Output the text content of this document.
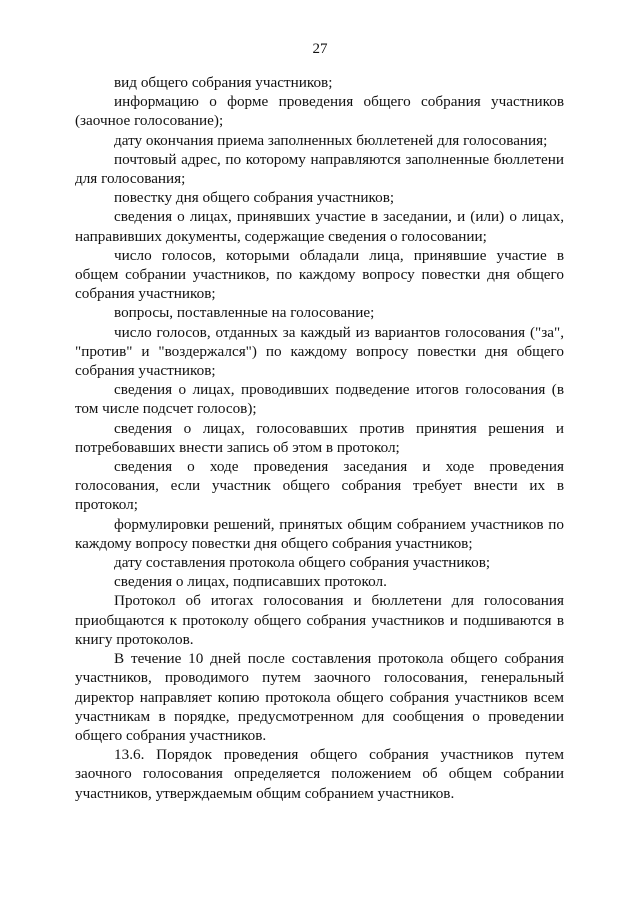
27

вид общего собрания участников;

информацию о форме проведения общего собрания участников (заочное голосование);

дату окончания приема заполненных бюллетеней для голосования;

почтовый адрес, по которому направляются заполненные бюллетени для голосования;

повестку дня общего собрания участников;

сведения о лицах, принявших участие в заседании, и (или) о лицах, направивших документы, содержащие сведения о голосовании;

число голосов, которыми обладали лица, принявшие участие в общем собрании участников, по каждому вопросу повестки дня общего собрания участников;

вопросы, поставленные на голосование;

число голосов, отданных за каждый из вариантов голосования ("за", "против" и "воздержался") по каждому вопросу повестки дня общего собрания участников;

сведения о лицах, проводивших подведение итогов голосования (в том числе подсчет голосов);

сведения о лицах, голосовавших против принятия решения и потребовавших внести запись об этом в протокол;

сведения о ходе проведения заседания и ходе проведения голосования, если участник общего собрания требует внести их в протокол;

формулировки решений, принятых общим собранием участников по каждому вопросу повестки дня общего собрания участников;

дату составления протокола общего собрания участников;

сведения о лицах, подписавших протокол.

Протокол об итогах голосования и бюллетени для голосования приобщаются к протоколу общего собрания участников и подшиваются в книгу протоколов.

В течение 10 дней после составления протокола общего собрания участников, проводимого путем заочного голосования, генеральный директор направляет копию протокола общего собрания участников всем участникам в порядке, предусмотренном для сообщения о проведении общего собрания участников.

13.6. Порядок проведения общего собрания участников путем заочного голосования определяется положением об общем собрании участников, утверждаемым общим собранием участников.
